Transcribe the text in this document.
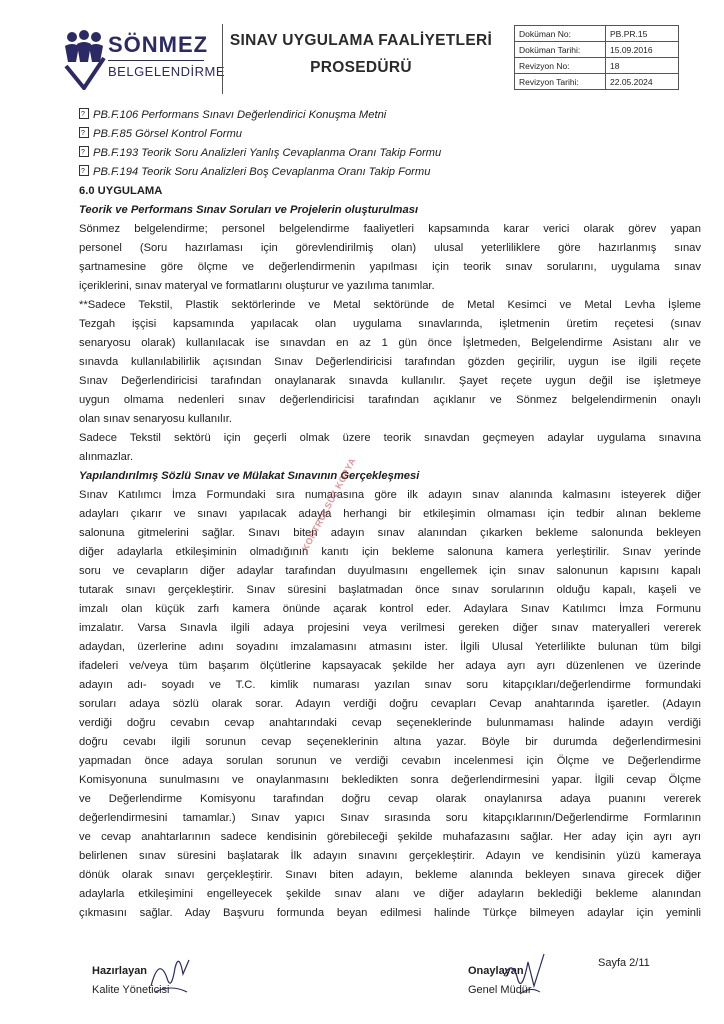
SÖNMEZ
BELGELENDİRME
SINAV UYGULAMA FAALİYETLERİ
PROSEDÜRÜ
Doküman No:	PB.PR.15
Doküman Tarihi:	15.09.2016
Revizyon No:	18
Revizyon Tarihi:	22.05.2024
?PB.F.106 Performans Sınavı Değerlendirici Konuşma Metni
?PB.F.85 Görsel Kontrol Formu
?PB.F.193 Teorik Soru Analizleri Yanlış Cevaplanma Oranı Takip Formu
?PB.F.194 Teorik Soru Analizleri Boş Cevaplanma Oranı Takip Formu
6.0 UYGULAMA
Teorik ve Performans Sınav Soruları ve Projelerin oluşturulması
Sönmez belgelendirme; personel belgelendirme faaliyetleri kapsamında karar verici olarak görev yapan
personel (Soru hazırlaması için görevlendirilmiş olan) ulusal yeterliliklere göre hazırlanmış sınav
şartnamesine göre ölçme ve değerlendirmenin yapılması için teorik sınav sorularını, uygulama sınav
içeriklerini, sınav materyal ve formatlarını oluşturur ve yazılıma tanımlar.
**Sadece Tekstil, Plastik sektörlerinde ve Metal sektöründe de Metal Kesimci ve Metal Levha İşleme
Tezgah işçisi kapsamında yapılacak olan uygulama sınavlarında, işletmenin üretim reçetesi (sınav
senaryosu olarak) kullanılacak ise sınavdan en az 1 gün önce İşletmeden, Belgelendirme Asistanı alır ve
sınavda kullanılabilirlik açısından Sınav Değerlendiricisi tarafından gözden geçirilir, uygun ise ilgili reçete
Sınav Değerlendiricisi tarafından onaylanarak sınavda kullanılır. Şayet reçete uygun değil ise işletmeye
uygun olmama nedenleri sınav değerlendiricisi tarafından açıklanır ve Sönmez belgelendirmenin onaylı
olan sınav senaryosu kullanılır.
Sadece Tekstil sektörü için geçerli olmak üzere teorik sınavdan geçmeyen adaylar uygulama sınavına
alınmazlar.
Yapılandırılmış Sözlü Sınav ve Mülakat Sınavının Gerçekleşmesi
Sınav Katılımcı İmza Formundaki sıra numarasına göre ilk adayın sınav alanında kalmasını isteyerek diğer
adayları çıkarır ve sınavı yapılacak adayla herhangi bir etkileşimin olmaması için tedbir alınan bekleme
salonuna gitmelerini sağlar. Sınavı biten adayın sınav alanından çıkarken bekleme salonunda bekleyen
diğer adaylarla etkileşiminin olmadığının kanıtı için bekleme salonuna kamera yerleştirilir. Sınav yerinde
soru ve cevapların diğer adaylar tarafından duyulmasını engellemek için sınav salonunun kapısını kapalı
tutarak sınavı gerçekleştirir. Sınav süresini başlatmadan önce sınav sorularının olduğu kapalı, kaşeli ve
imzalı olan küçük zarfı kamera önünde açarak kontrol eder. Adaylara Sınav Katılımcı İmza Formunu
imzalatır. Varsa Sınavla ilgili adaya projesini veya verilmesi gereken diğer sınav materyalleri vererek
adaydan, üzerlerine adını soyadını imzalamasını atmasını ister. İlgili Ulusal Yeterlilikte bulunan tüm bilgi
ifadeleri ve/veya tüm başarım ölçütlerine kapsayacak şekilde her adaya ayrı ayrı düzenlenen ve üzerinde
adayın adı- soyadı ve T.C. kimlik numarası yazılan sınav soru kitapçıkları/değerlendirme formundaki
soruları adaya sözlü olarak sorar. Adayın verdiği doğru cevapları Cevap anahtarında işaretler. (Adayın
verdiği doğru cevabın cevap anahtarındaki cevap seçeneklerinde bulunmaması halinde adayın verdiği
doğru cevabı ilgili sorunun cevap seçeneklerinin altına yazar. Böyle bir durumda değerlendirmesini
yapmadan önce adaya sorulan sorunun ve verdiği cevabın incelenmesi için Ölçme ve Değerlendirme
Komisyonuna sunulmasını ve onaylanmasını bekledikten sonra değerlendirmesini yapar. İlgili cevap Ölçme
ve Değerlendirme Komisyonu tarafından doğru cevap olarak onaylanırsa adaya puanını vererek
değerlendirmesini tamamlar.) Sınav yapıcı Sınav sırasında soru kitapçıklarının/Değerlendirme Formlarının
ve cevap anahtarlarının sadece kendisinin görebileceği şekilde muhafazasını sağlar. Her aday için ayrı ayrı
belirlenen sınav süresini başlatarak İlk adayın sınavını gerçekleştirir. Adayın ve kendisinin yüzü kameraya
dönük olarak sınavı gerçekleştirir. Sınavı biten adayın, bekleme alanında bekleyen sınava girecek diğer
adaylarla etkileşimini engelleyecek şekilde sınav alanı ve diğer adayların beklediği bekleme alanından
çıkmasını sağlar. Aday Başvuru formunda beyan edilmesi halinde Türkçe bilmeyen adaylar için yeminli
KONTROLSÜZ KOPYA
Hazırlayan
Kalite Yöneticisi
Onaylayan
Genel Müdür
Sayfa 2/11
